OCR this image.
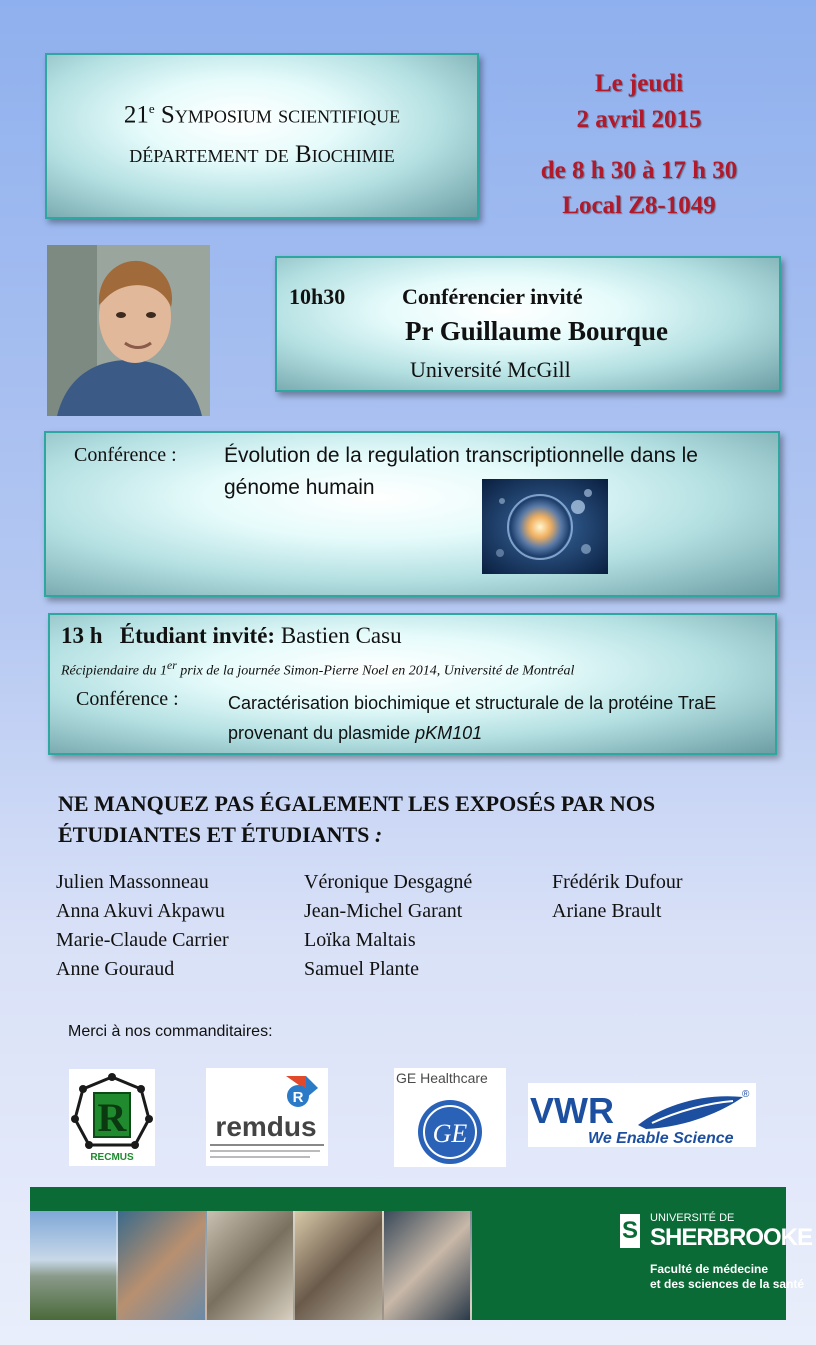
21e Symposium scientifique
département de Biochimie
Le jeudi
2 avril 2015
de 8 h 30 à 17 h 30
Local Z8-1049
10h30	Conférencier invité
Pr Guillaume Bourque
Université McGill
Conférence : Évolution de la regulation transcriptionnelle dans le génome humain
13 h Étudiant invité: Bastien Casu
Récipiendaire du 1er prix de la journée Simon-Pierre Noel en 2014, Université de Montréal
Conférence :	Caractérisation biochimique et structurale de la protéine TraE provenant du plasmide pKM101
NE MANQUEZ PAS ÉGALEMENT LES EXPOSÉS PAR NOS ÉTUDIANTES ET ÉTUDIANTS :
Julien Massonneau
Anna Akuvi Akpawu
Marie-Claude Carrier
Anne Gouraud
Véronique Desgagné
Jean-Michel Garant
Loïka Maltais
Samuel Plante
Frédérik Dufour
Ariane Brault
Merci à nos commanditaires:
R
RECMUS
R
remdus
GE Healthcare
GE
VWR	®
We Enable Science
S UNIVERSITÉ DE
SHERBROOKE
Faculté de médecine
et des sciences de la santé
